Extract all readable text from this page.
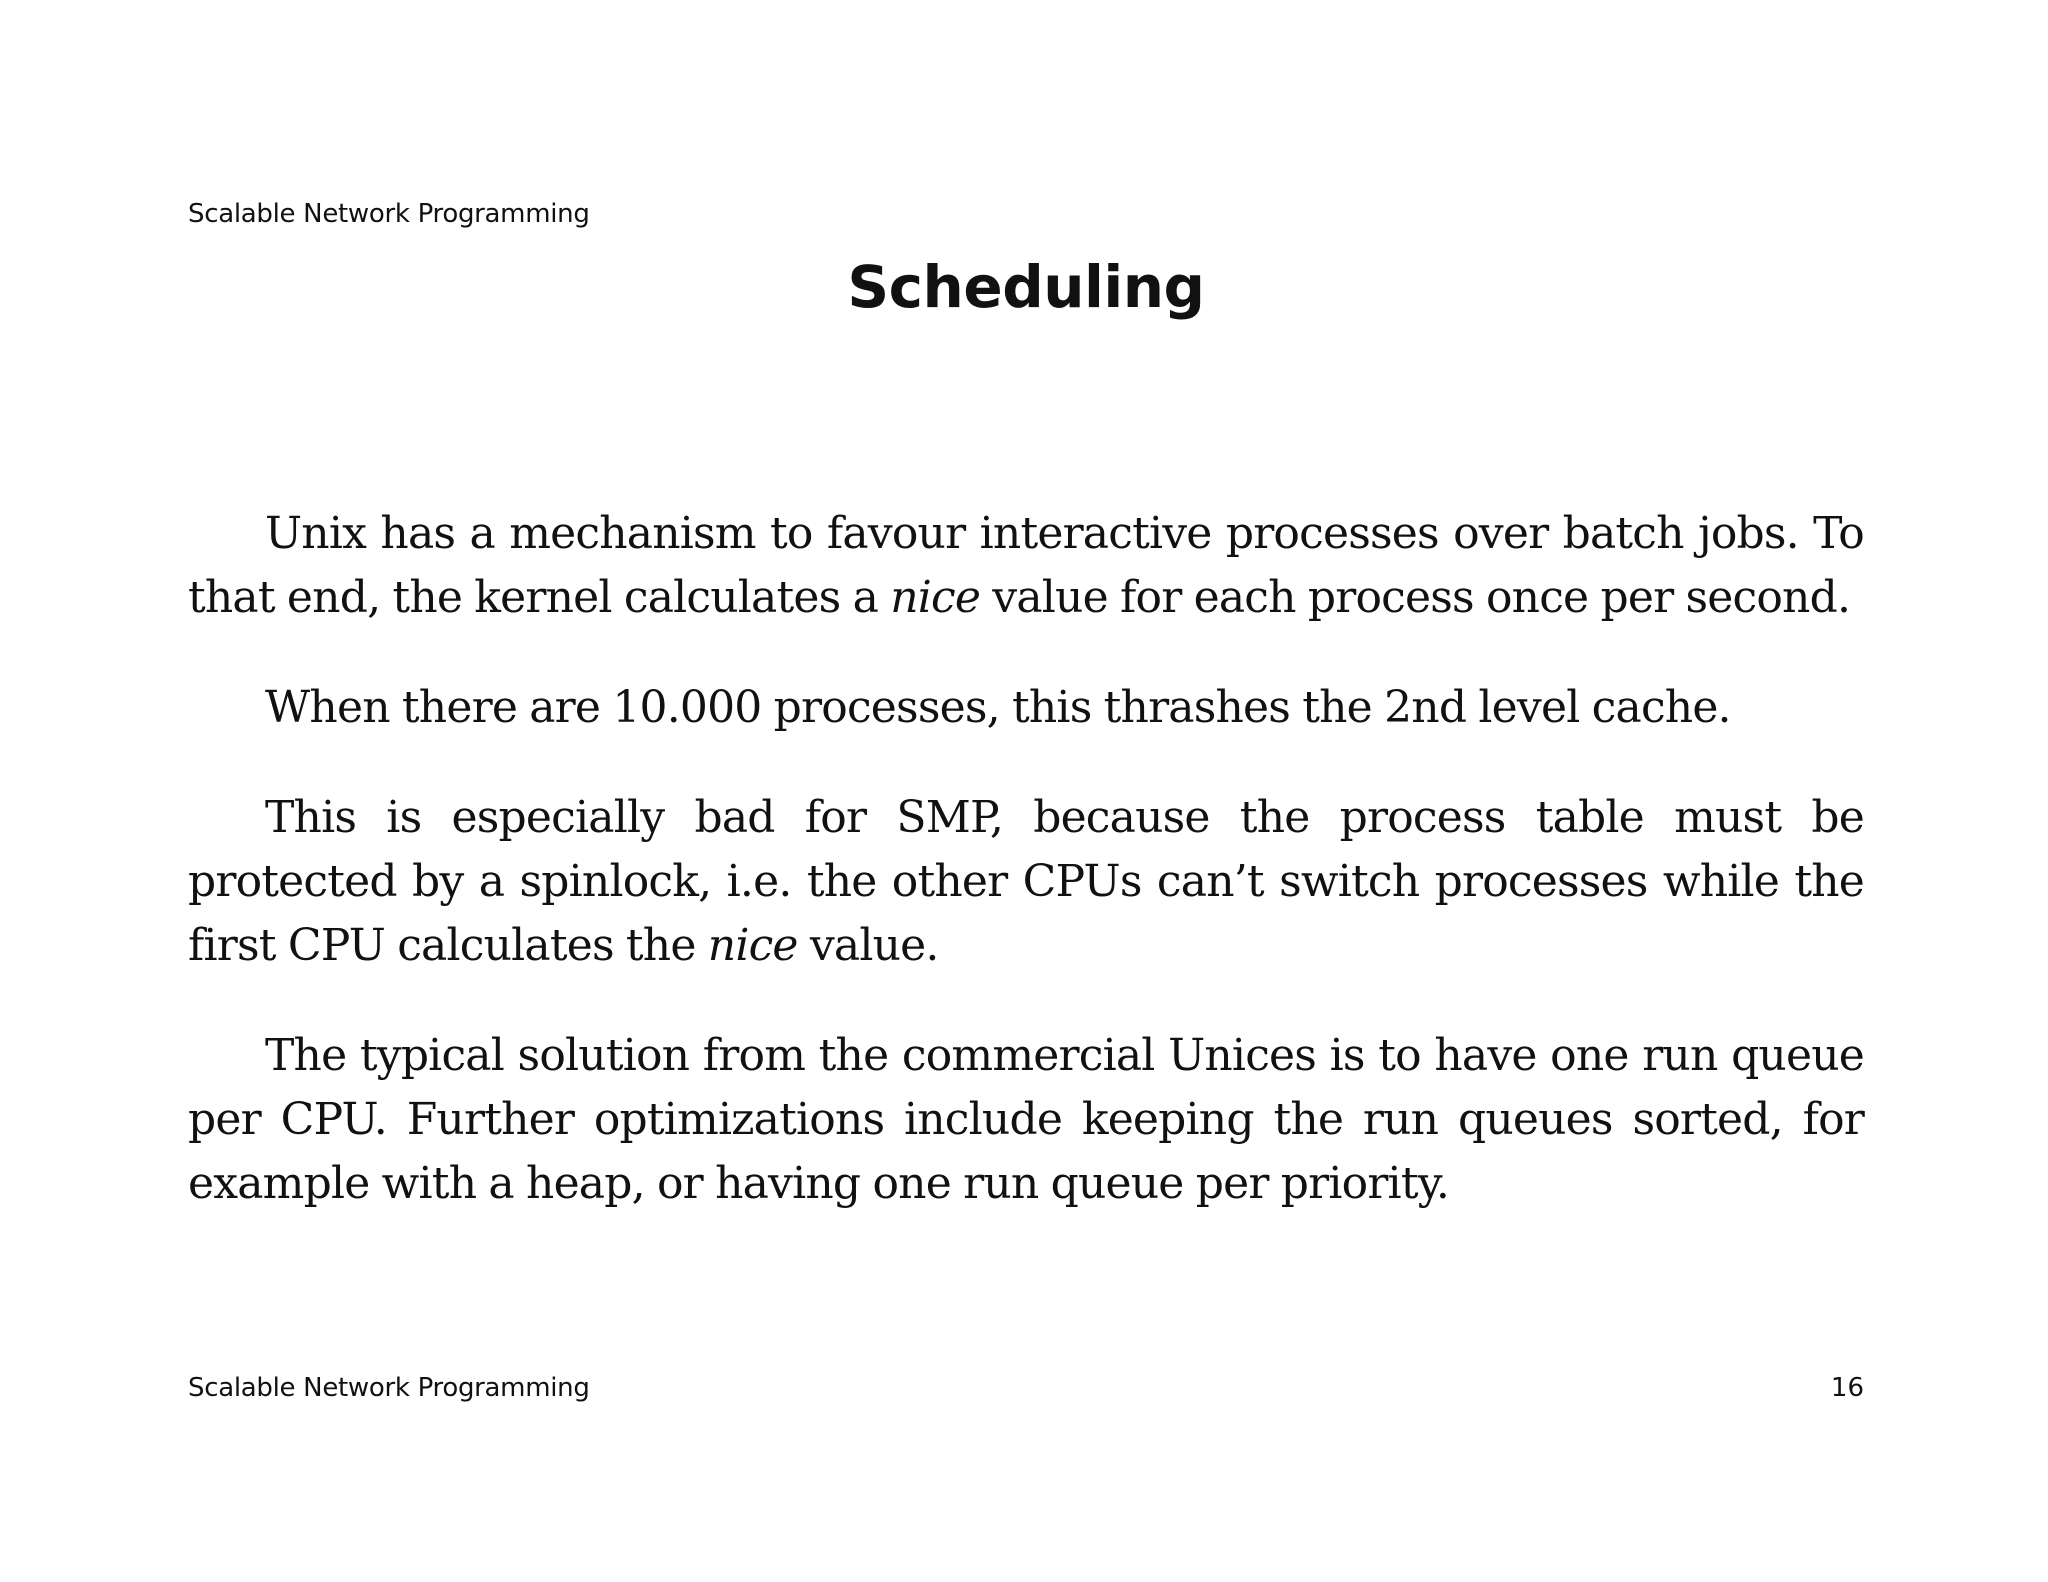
Scalable Network Programming
Scheduling

Unix has a mechanism to favour interactive processes over batch jobs. To that end, the kernel calculates a nice value for each process once per second.

When there are 10.000 processes, this thrashes the 2nd level cache.

This is especially bad for SMP, because the process table must be protected by a spinlock, i.e. the other CPUs can’t switch processes while the first CPU calculates the nice value.

The typical solution from the commercial Unices is to have one run queue per CPU. Further optimizations include keeping the run queues sorted, for example with a heap, or having one run queue per priority.

Scalable Network Programming	16
